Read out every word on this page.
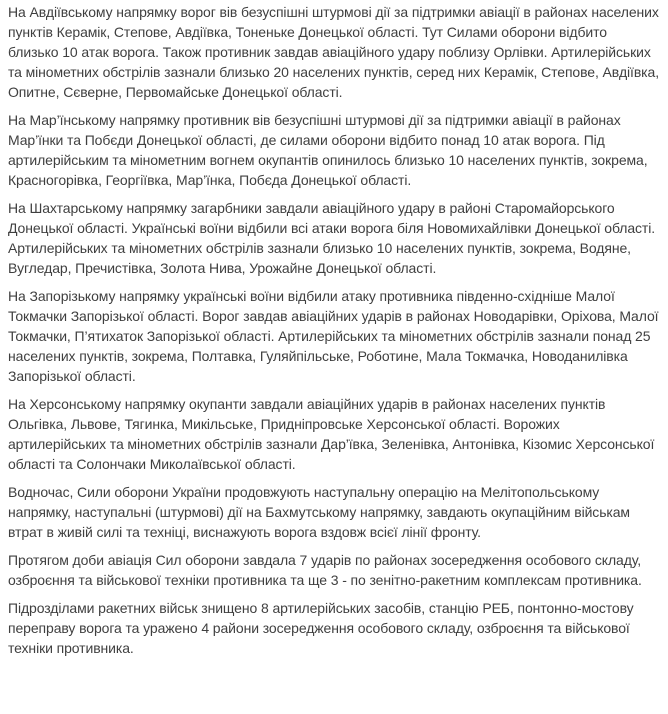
На Авдіївському напрямку ворог вів безуспішні штурмові дії за підтримки авіації в районах населених пунктів Керамік, Степове, Авдіївка, Тоненьке Донецької області. Тут Силами оборони відбито близько 10 атак ворога. Також противник завдав авіаційного удару поблизу Орлівки. Артилерійських та мінометних обстрілів зазнали близько 20 населених пунктів, серед них Керамік, Степове, Авдіївка, Опитне, Сєверне, Первомайське Донецької області.

На Мар’їнському напрямку противник вів безуспішні штурмові дії за підтримки авіації в районах Мар’їнки та Побєди Донецької області, де силами оборони відбито понад 10 атак ворога. Під артилерійським та мінометним вогнем окупантів опинилось близько 10 населених пунктів, зокрема, Красногорівка, Георгіївка, Мар’їнка, Побєда Донецької області.

На Шахтарському напрямку загарбники завдали авіаційного удару в районі Старомайорського Донецької області. Українські воїни відбили всі атаки ворога біля Новомихайлівки Донецької області. Артилерійських та мінометних обстрілів зазнали близько 10 населених пунктів, зокрема, Водяне, Вугледар, Пречистівка, Золота Нива, Урожайне Донецької області.

На Запорізькому напрямку українські воїни відбили атаку противника південно-східніше Малої Токмачки Запорізької області. Ворог завдав авіаційних ударів в районах Новодарівки, Оріхова, Малої Токмачки, П’ятихаток Запорізької області. Артилерійських та мінометних обстрілів зазнали понад 25 населених пунктів, зокрема, Полтавка, Гуляйпільське, Роботине, Мала Токмачка, Новоданилівка Запорізької області.

На Херсонському напрямку окупанти завдали авіаційних ударів в районах населених пунктів Ольгівка, Львове, Тягинка, Микільське, Придніпровське Херсонської області. Ворожих артилерійських та мінометних обстрілів зазнали Дар’ївка, Зеленівка, Антонівка, Кізомис Херсонської області та Солончаки Миколаївської області.

Водночас, Сили оборони України продовжують наступальну операцію на Мелітопольському напрямку, наступальні (штурмові) дії на Бахмутському напрямку, завдають окупаційним військам втрат в живій силі та техніці, виснажують ворога вздовж всієї лінії фронту.

Протягом доби авіація Сил оборони завдала 7 ударів по районах зосередження особового складу, озброєння та військової техніки противника та ще 3 - по зенітно-ракетним комплексам противника.

Підрозділами ракетних військ знищено 8 артилерійських засобів, станцію РЕБ, понтонно-мостову переправу ворога та уражено 4 райони зосередження особового складу, озброєння та військової техніки противника.
